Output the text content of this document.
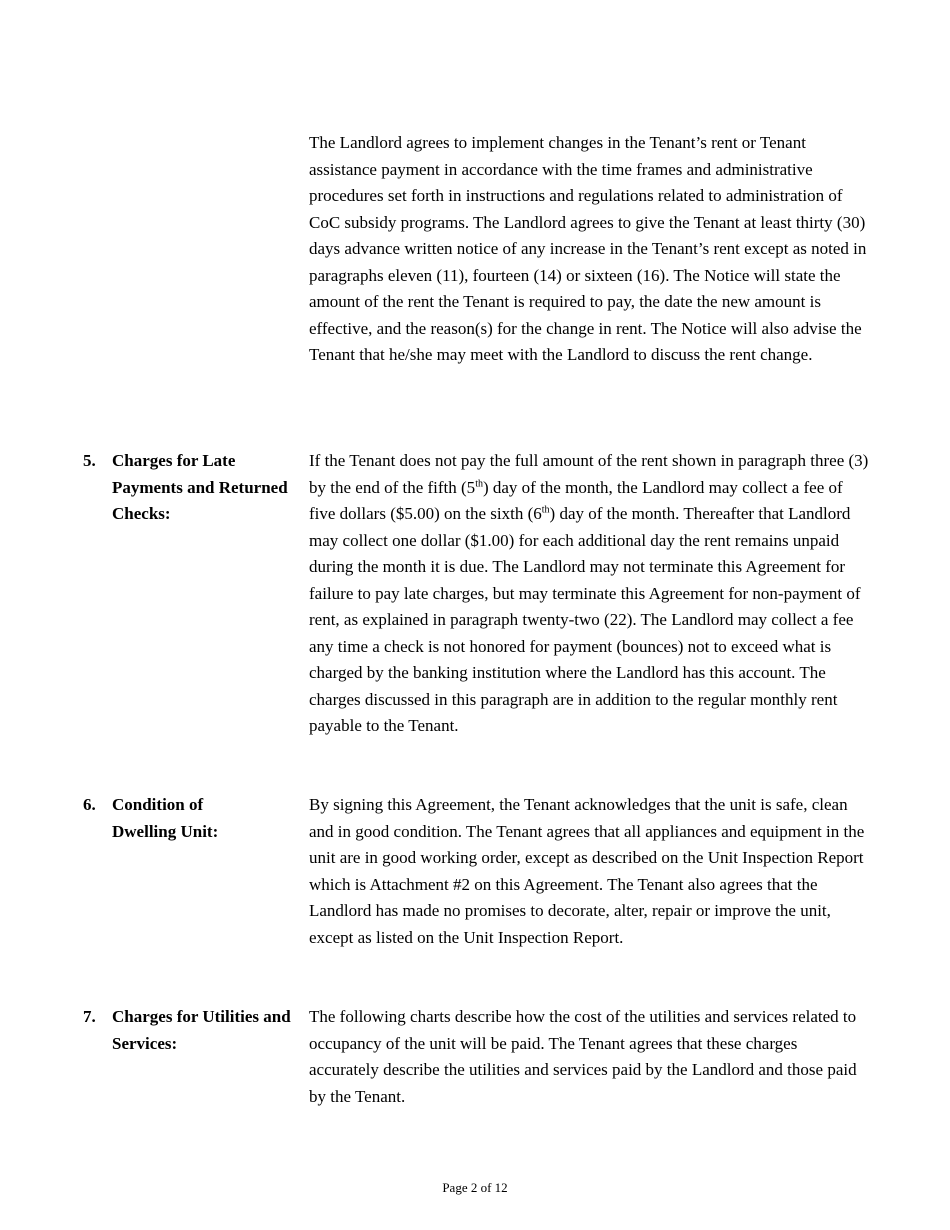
The Landlord agrees to implement changes in the Tenant’s rent or Tenant assistance payment in accordance with the time frames and administrative procedures set forth in instructions and regulations related to administration of CoC subsidy programs. The Landlord agrees to give the Tenant at least thirty (30) days advance written notice of any increase in the Tenant’s rent except as noted in paragraphs eleven (11), fourteen (14) or sixteen (16). The Notice will state the amount of the rent the Tenant is required to pay, the date the new amount is effective, and the reason(s) for the change in rent. The Notice will also advise the Tenant that he/she may meet with the Landlord to discuss the rent change.

5. Charges for Late Payments and Returned Checks:

If the Tenant does not pay the full amount of the rent shown in paragraph three (3) by the end of the fifth (5th) day of the month, the Landlord may collect a fee of five dollars ($5.00) on the sixth (6th) day of the month. Thereafter that Landlord may collect one dollar ($1.00) for each additional day the rent remains unpaid during the month it is due. The Landlord may not terminate this Agreement for failure to pay late charges, but may terminate this Agreement for non-payment of rent, as explained in paragraph twenty-two (22). The Landlord may collect a fee any time a check is not honored for payment (bounces) not to exceed what is charged by the banking institution where the Landlord has this account. The charges discussed in this paragraph are in addition to the regular monthly rent payable to the Tenant.

6. Condition of Dwelling Unit:

By signing this Agreement, the Tenant acknowledges that the unit is safe, clean and in good condition. The Tenant agrees that all appliances and equipment in the unit are in good working order, except as described on the Unit Inspection Report which is Attachment #2 on this Agreement. The Tenant also agrees that the Landlord has made no promises to decorate, alter, repair or improve the unit, except as listed on the Unit Inspection Report.

7. Charges for Utilities and Services:

The following charts describe how the cost of the utilities and services related to occupancy of the unit will be paid. The Tenant agrees that these charges accurately describe the utilities and services paid by the Landlord and those paid by the Tenant.

Page 2 of 12
